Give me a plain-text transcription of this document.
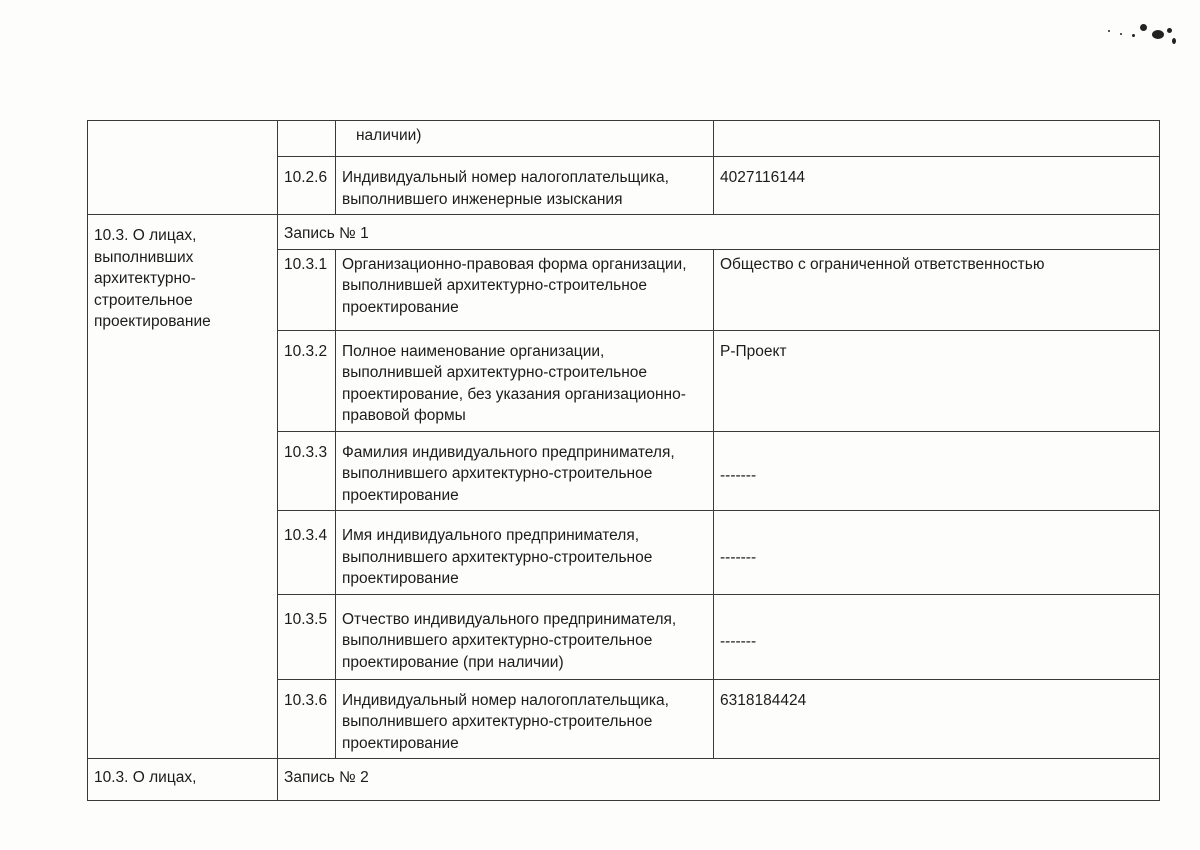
		наличии)	
	10.2.6	Индивидуальный номер налогоплательщика, выполнившего инженерные изыскания	4027116144
10.3. О лицах, выполнивших архитектурно-строительное проектирование	Запись № 1		
	10.3.1	Организационно-правовая форма организации, выполнившей архитектурно-строительное проектирование	Общество с ограниченной ответственностью
	10.3.2	Полное наименование организации, выполнившей архитектурно-строительное проектирование, без указания организационно-правовой формы	Р-Проект
	10.3.3	Фамилия индивидуального предпринимателя, выполнившего архитектурно-строительное проектирование	-------
	10.3.4	Имя индивидуального предпринимателя, выполнившего архитектурно-строительное проектирование	-------
	10.3.5	Отчество индивидуального предпринимателя, выполнившего архитектурно-строительное проектирование (при наличии)	-------
	10.3.6	Индивидуальный номер налогоплательщика, выполнившего архитектурно-строительное проектирование	6318184424
10.3. О лицах,	Запись № 2		
